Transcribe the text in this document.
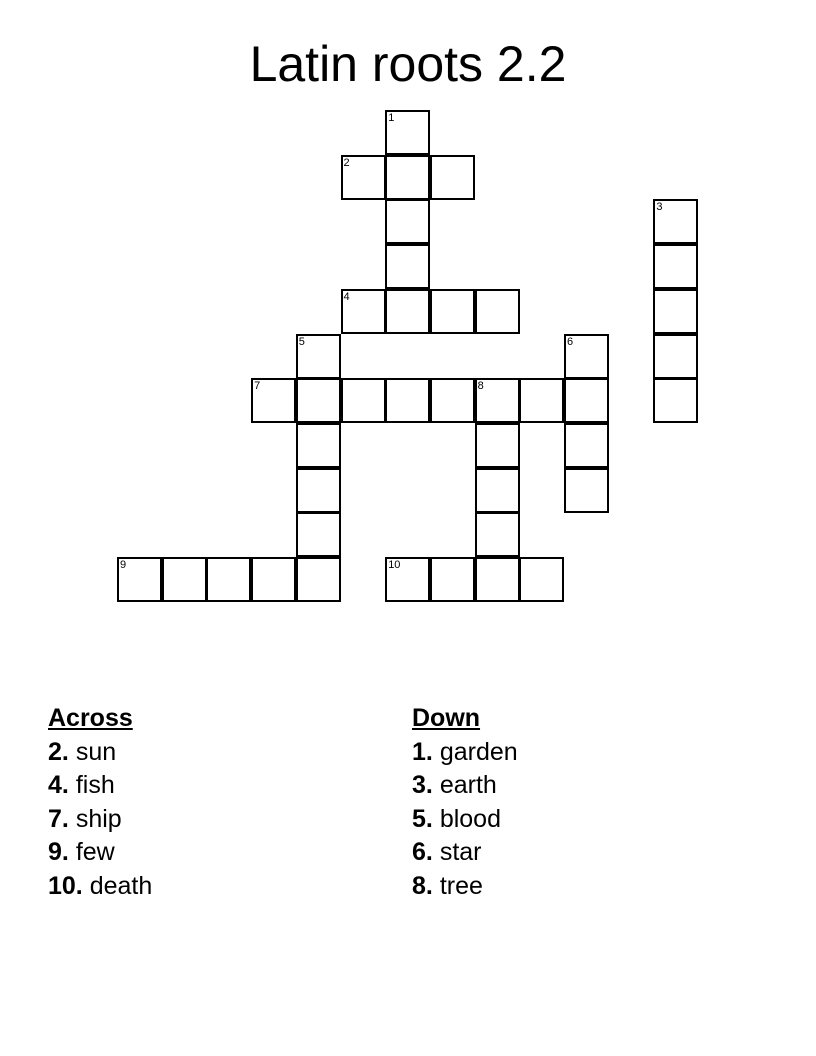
Latin roots 2.2
1
2
3
4
5	6
7	8
9	10
Across
2. sun
4. fish
7. ship
9. few
10. death
Down
1. garden
3. earth
5. blood
6. star
8. tree
